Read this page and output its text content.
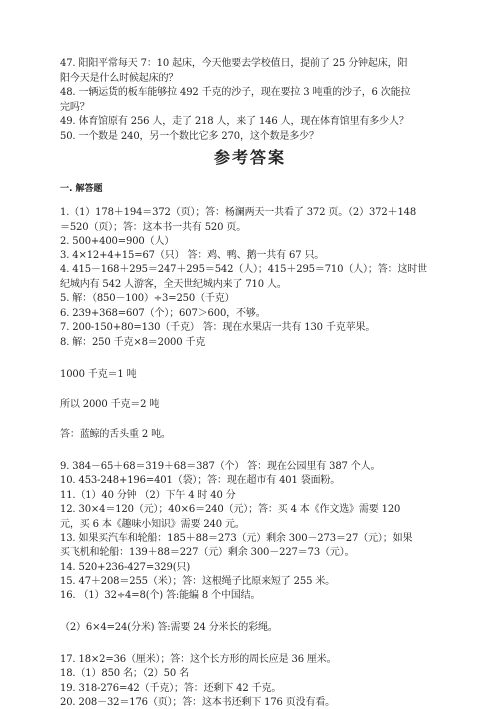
47. 阳阳平常每天 7：10 起床，今天他要去学校值日，提前了 25 分钟起床，阳
阳今天是什么时候起床的？
48. 一辆运货的板车能够拉 492 千克的沙子，现在要拉 3 吨重的沙子，6 次能拉
完吗？
49. 体育馆原有 256 人，走了 218 人，来了 146 人，现在体育馆里有多少人？
50. 一个数是 240，另一个数比它多 270，这个数是多少？
参考答案
一. 解答题
1.（1）178＋194＝372（页）；答：杨澜两天一共看了 372 页。（2）372＋148
＝520（页）；答：这本书一共有 520 页。
2. 500+400=900（人）
3. 4×12+4+15=67（只） 答：鸡、鸭、鹅一共有 67 只。
4. 415－168＋295＝247＋295＝542（人）；415＋295＝710（人）；答：这时世
纪城内有 542 人游客，全天世纪城内来了 710 人。
5. 解：（850－100）÷3=250（千克）
6. 239+368=607（个）；607＞600，不够。
7. 200-150+80=130（千克） 答：现在水果店一共有 130 千克苹果。
8. 解：250 千克×8＝2000 千克
1000 千克＝1 吨
所以 2000 千克＝2 吨
答：蓝鲸的舌头重 2 吨。
9. 384－65＋68＝319＋68＝387（个） 答：现在公园里有 387 个人。
10. 453-248+196=401（袋）；答：现在超市有 401 袋面粉。
11.（1）40 分钟 （2）下午 4 时 40 分
12. 30×4＝120（元）；40×6＝240（元）；答：买 4 本《作文选》需要 120
元，买 6 本《趣味小知识》需要 240 元。
13. 如果买汽车和轮船：185＋88＝273（元）剩余 300－273＝27（元）；如果
买飞机和轮船：139＋88＝227（元）剩余 300－227＝73（元）。
14. 520+236-427=329(只)
15. 47＋208＝255（米）；答：这根绳子比原来短了 255 米。
16. （1）32÷4=8(个) 答:能编 8 个中国结。
（2）6×4=24(分米) 答:需要 24 分米长的彩绳。
17. 18×2=36（厘米）；答：这个长方形的周长应是 36 厘米。
18.（1）850 名；（2）50 名
19. 318-276=42（千克）；答：还剩下 42 千克。
20. 208－32＝176（页）；答：这本书还剩下 176 页没有看。
